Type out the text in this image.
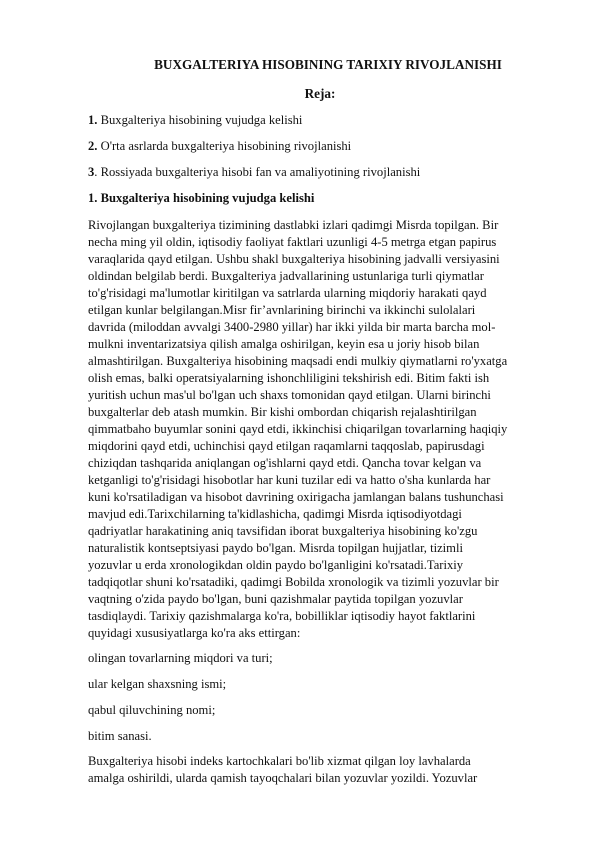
BUXGALTERIYA HISOBINING TARIXIY RIVOJLANISHI
Reja:

1. Buxgalteriya hisobining vujudga kelishi

2. O'rta asrlarda buxgalteriya hisobining rivojlanishi

3. Rossiyada buxgalteriya hisobi fan va amaliyotining rivojlanishi

1. Buxgalteriya hisobining vujudga kelishi

Rivojlangan buxgalteriya tizimining dastlabki izlari qadimgi Misrda topilgan. Bir
necha ming yil oldin, iqtisodiy faoliyat faktlari uzunligi 4-5 metrga etgan papirus
varaqlarida qayd etilgan. Ushbu shakl buxgalteriya hisobining jadvalli versiyasini
oldindan belgilab berdi. Buxgalteriya jadvallarining ustunlariga turli qiymatlar
to'g'risidagi ma'lumotlar kiritilgan va satrlarda ularning miqdoriy harakati qayd
etilgan kunlar belgilangan.Misr fir’avnlarining birinchi va ikkinchi sulolalari
davrida (miloddan avvalgi 3400-2980 yillar) har ikki yilda bir marta barcha mol-
mulkni inventarizatsiya qilish amalga oshirilgan, keyin esa u joriy hisob bilan
almashtirilgan. Buxgalteriya hisobining maqsadi endi mulkiy qiymatlarni ro'yxatga
olish emas, balki operatsiyalarning ishonchliligini tekshirish edi. Bitim fakti ish
yuritish uchun mas'ul bo'lgan uch shaxs tomonidan qayd etilgan. Ularni birinchi
buxgalterlar deb atash mumkin. Bir kishi ombordan chiqarish rejalashtirilgan
qimmatbaho buyumlar sonini qayd etdi, ikkinchisi chiqarilgan tovarlarning haqiqiy
miqdorini qayd etdi, uchinchisi qayd etilgan raqamlarni taqqoslab, papirusdagi
chiziqdan tashqarida aniqlangan og'ishlarni qayd etdi. Qancha tovar kelgan va
ketganligi to'g'risidagi hisobotlar har kuni tuzilar edi va hatto o'sha kunlarda har
kuni ko'rsatiladigan va hisobot davrining oxirigacha jamlangan balans tushunchasi
mavjud edi.Tarixchilarning ta'kidlashicha, qadimgi Misrda iqtisodiyotdagi
qadriyatlar harakatining aniq tavsifidan iborat buxgalteriya hisobining ko'zgu
naturalistik kontseptsiyasi paydo bo'lgan. Misrda topilgan hujjatlar, tizimli
yozuvlar u erda xronologikdan oldin paydo bo'lganligini ko'rsatadi.Tarixiy
tadqiqotlar shuni ko'rsatadiki, qadimgi Bobilda xronologik va tizimli yozuvlar bir
vaqtning o'zida paydo bo'lgan, buni qazishmalar paytida topilgan yozuvlar
tasdiqlaydi. Tarixiy qazishmalarga ko'ra, bobilliklar iqtisodiy hayot faktlarini
quyidagi xususiyatlarga ko'ra aks ettirgan:

olingan tovarlarning miqdori va turi;

ular kelgan shaxsning ismi;

qabul qiluvchining nomi;

bitim sanasi.

Buxgalteriya hisobi indeks kartochkalari bo'lib xizmat qilgan loy lavhalarda
amalga oshirildi, ularda qamish tayoqchalari bilan yozuvlar yozildi. Yozuvlar
